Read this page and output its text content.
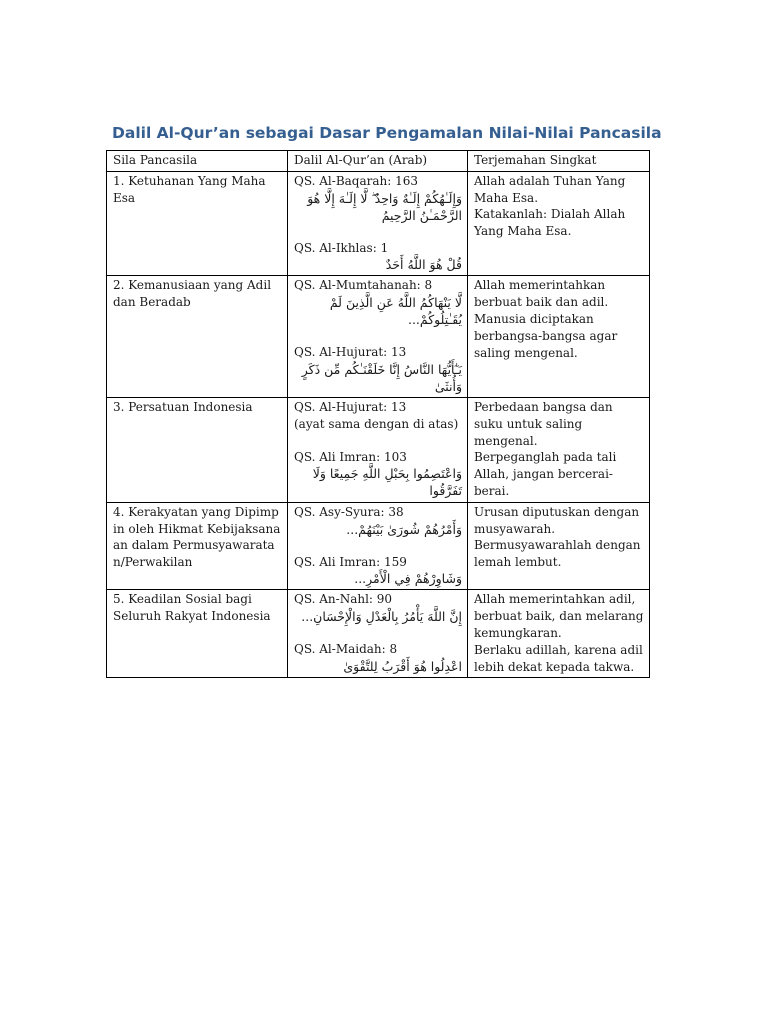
Dalil Al-Qur’an sebagai Dasar Pengamalan Nilai-Nilai Pancasila
Sila Pancasila	Dalil Al-Qur’an (Arab)	Terjemahan Singkat
1. Ketuhanan Yang Maha Esa	QS. Al-Baqarah: 163
وَإِلَـٰهُكُمْ إِلَـٰهٌ وَاحِدٌ ۖ لَّا إِلَـٰهَ إِلَّا هُوَ الرَّحْمَـٰنُ الرَّحِيمُ
QS. Al-Ikhlas: 1
قُلْ هُوَ اللَّهُ أَحَدٌ	Allah adalah Tuhan Yang Maha Esa.
Katakanlah: Dialah Allah Yang Maha Esa.

2. Kemanusiaan yang Adil dan Beradab	QS. Al-Mumtahanah: 8
لَّا يَنْهَاكُمُ اللَّهُ عَنِ الَّذِينَ لَمْ يُقَـٰتِلُوكُمْ...
QS. Al-Hujurat: 13
يَـٰٓأَيُّهَا النَّاسُ إِنَّا خَلَقْنَـٰكُم مِّن ذَكَرٍ وَأُنثَىٰ	Allah memerintahkan berbuat baik dan adil.
Manusia diciptakan berbangsa-bangsa agar saling mengenal.

3. Persatuan Indonesia	QS. Al-Hujurat: 13
(ayat sama dengan di atas)
QS. Ali Imran: 103
وَاعْتَصِمُوا بِحَبْلِ اللَّهِ جَمِيعًا وَلَا تَفَرَّقُوا	Perbedaan bangsa dan suku untuk saling mengenal.
Berpeganglah pada tali Allah, jangan bercerai-berai.

4. Kerakyatan yang Dipimpin oleh Hikmat Kebijaksanaan dalam Permusyawaratan/Perwakilan	QS. Asy-Syura: 38
وَأَمْرُهُمْ شُورَىٰ بَيْنَهُمْ...
QS. Ali Imran: 159
وَشَاوِرْهُمْ فِي الْأَمْرِ...	Urusan diputuskan dengan musyawarah.
Bermusyawarahlah dengan lemah lembut.

5. Keadilan Sosial bagi Seluruh Rakyat Indonesia	QS. An-Nahl: 90
إِنَّ اللَّهَ يَأْمُرُ بِالْعَدْلِ وَالْإِحْسَانِ...
QS. Al-Maidah: 8
اعْدِلُوا هُوَ أَقْرَبُ لِلتَّقْوَىٰ	Allah memerintahkan adil, berbuat baik, dan melarang kemungkaran.
Berlaku adillah, karena adil lebih dekat kepada takwa.
